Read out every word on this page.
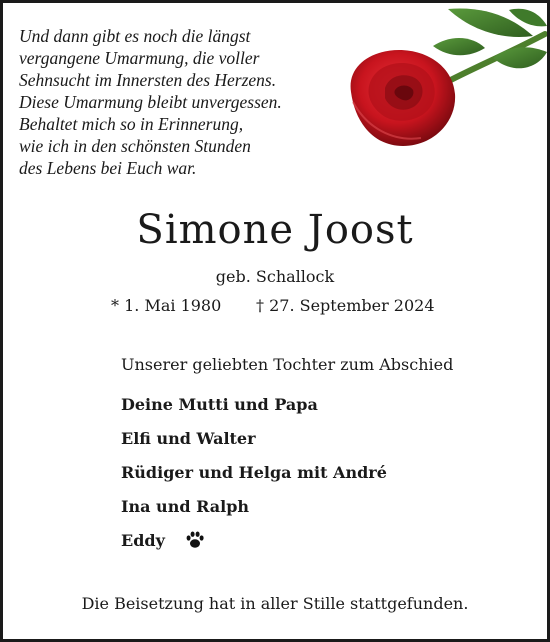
Und dann gibt es noch die längst
vergangene Umarmung, die voller
Sehnsucht im Innersten des Herzens.
Diese Umarmung bleibt unvergessen.
Behaltet mich so in Erinnerung,
wie ich in den schönsten Stunden
des Lebens bei Euch war.
Simone Joost
geb. Schallock
* 1. Mai 1980 † 27. September 2024
Unserer geliebten Tochter zum Abschied
Deine Mutti und Papa
Elfi und Walter
Rüdiger und Helga mit André
Ina und Ralph
Eddy
Die Beisetzung hat in aller Stille stattgefunden.
